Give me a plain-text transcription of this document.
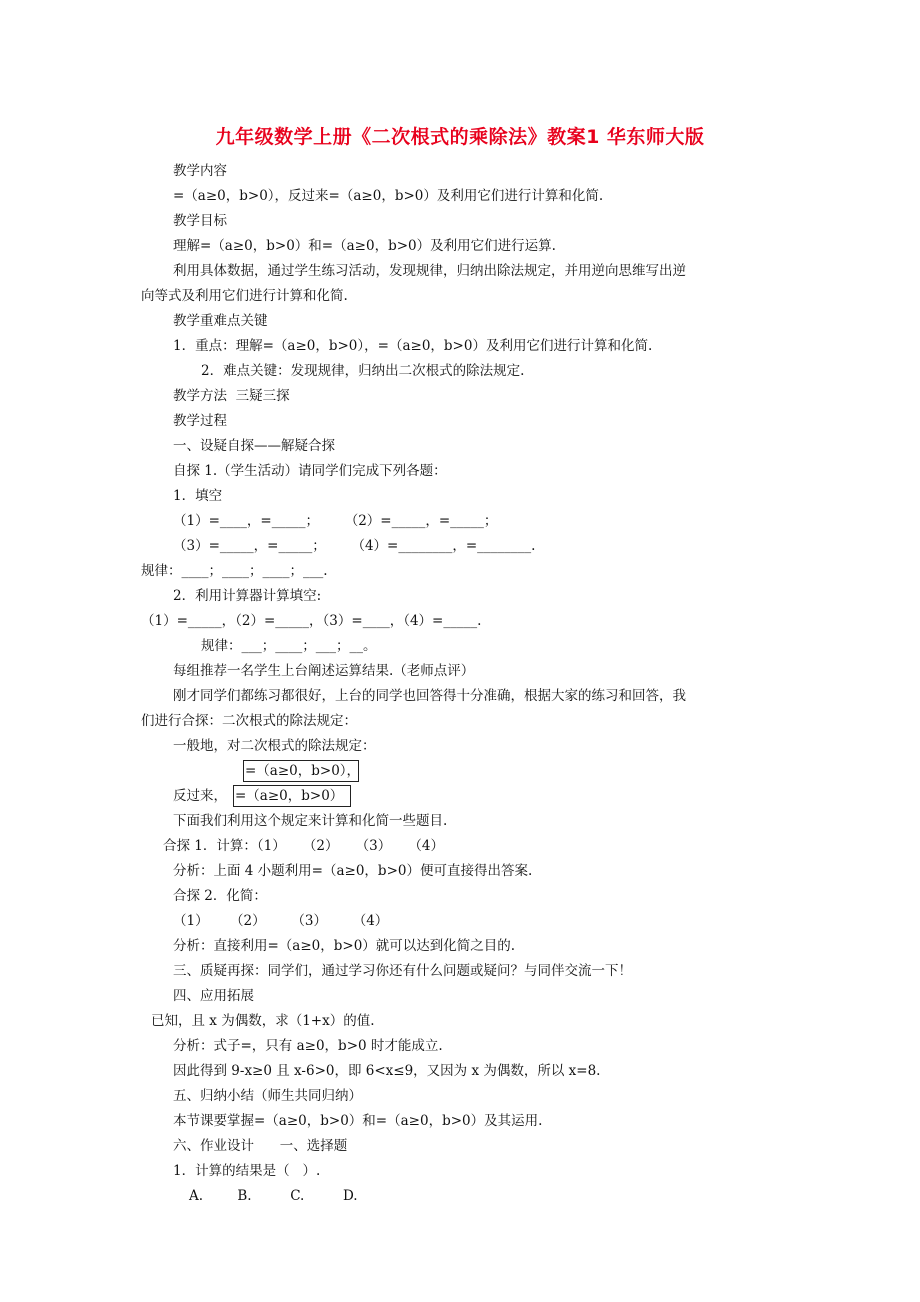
九年级数学上册《二次根式的乘除法》教案1 华东师大版
教学内容
=（a≥0，b>0），反过来=（a≥0，b>0）及利用它们进行计算和化简.
教学目标
理解=（a≥0，b>0）和=（a≥0，b>0）及利用它们进行运算.
利用具体数据，通过学生练习活动，发现规律，归纳出除法规定，并用逆向思维写出逆
向等式及利用它们进行计算和化简.
教学重难点关键
1．重点：理解=（a≥0，b>0），=（a≥0，b>0）及利用它们进行计算和化简.
2．难点关键：发现规律，归纳出二次根式的除法规定.
教学方法  三疑三探
教学过程
一、设疑自探——解疑合探
自探 1.（学生活动）请同学们完成下列各题：
1．填空
（1）=____，=_____；      （2）=_____，=_____；
（3）=_____，=_____；      （4）=________，=________.
规律：____；____；____；___.
2．利用计算器计算填空:
（1）=_____，（2）=_____，（3）=____，（4）=_____.
规律：___；____；___；__。
每组推荐一名学生上台阐述运算结果.（老师点评）
刚才同学们都练习都很好，上台的同学也回答得十分准确，根据大家的练习和回答，我
们进行合探：二次根式的除法规定：
一般地，对二次根式的除法规定：
=（a≥0，b>0），
反过来， =（a≥0，b>0）
下面我们利用这个规定来计算和化简一些题目.
合探 1．计算：（1）    （2）    （3）    （4）
分析：上面 4 小题利用=（a≥0，b>0）便可直接得出答案.
合探 2．化简：
（1）     （2）      （3）      （4）
分析：直接利用=（a≥0，b>0）就可以达到化简之目的.
三、质疑再探：同学们，通过学习你还有什么问题或疑问？与同伴交流一下！
四、应用拓展
已知，且 x 为偶数，求（1+x）的值.
分析：式子=，只有 a≥0，b>0 时才能成立.
因此得到 9-x≥0 且 x-6>0，即 6<x≤9，又因为 x 为偶数，所以 x=8.
五、归纳小结（师生共同归纳）
本节课要掌握=（a≥0，b>0）和=（a≥0，b>0）及其运用.
六、作业设计      一、选择题
1．计算的结果是（   ）.
A.        B.         C.         D.
